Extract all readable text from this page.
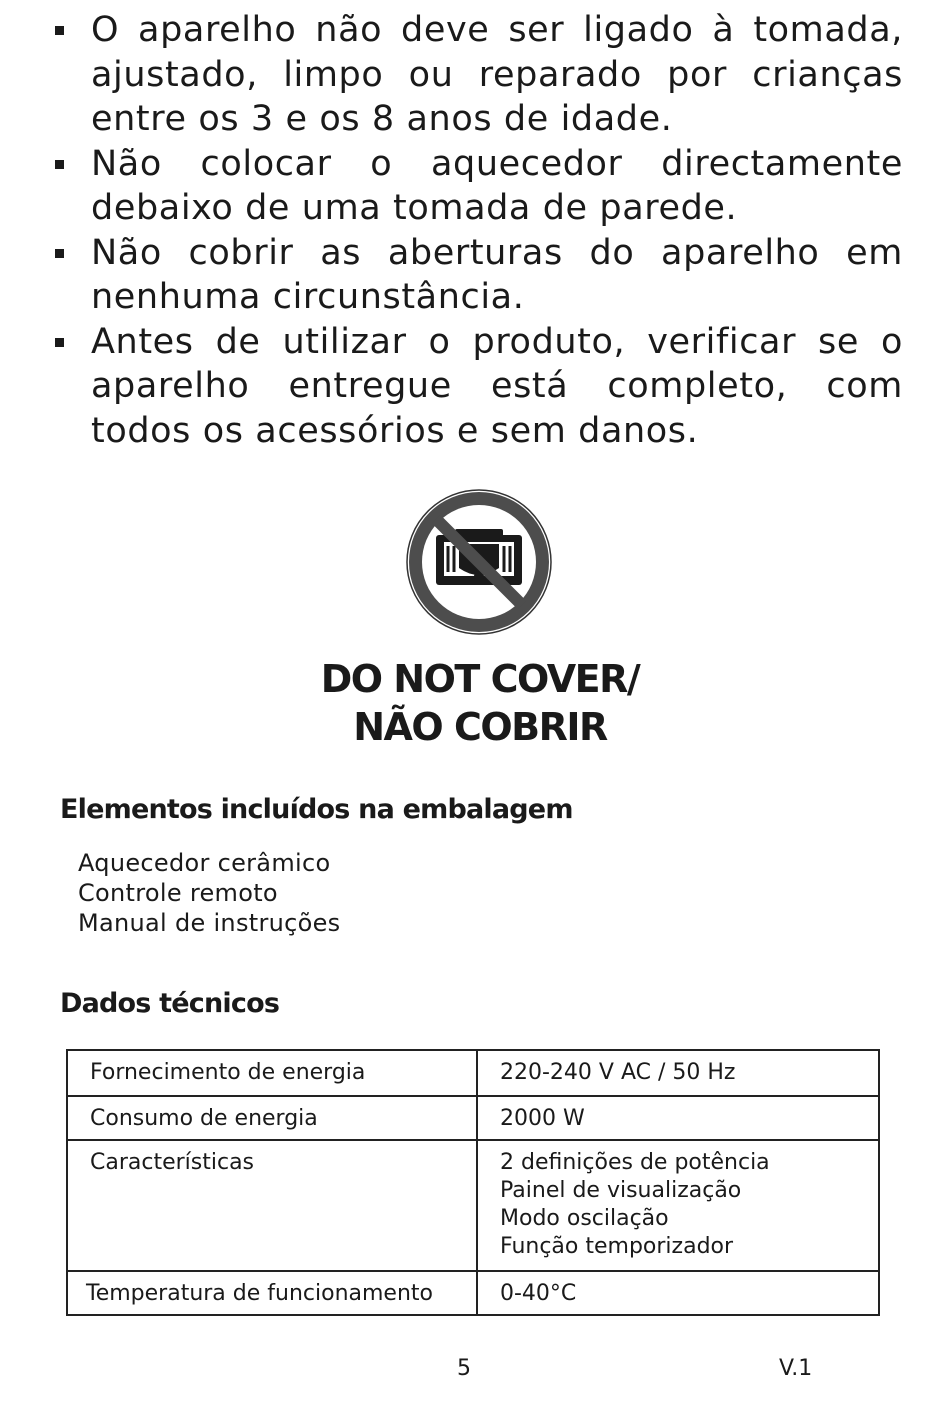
O aparelho não deve ser ligado à tomada, ajustado, limpo ou reparado por crianças entre os 3 e os 8 anos de idade.
Não colocar o aquecedor directamente debaixo de uma tomada de parede.
Não cobrir as aberturas do aparelho em nenhuma circunstância.
Antes de utilizar o produto, verificar se o aparelho entregue está completo, com todos os acessórios e sem danos.
DO NOT COVER/
NÃO COBRIR
Elementos incluídos na embalagem
Aquecedor cerâmico
Controle remoto
Manual de instruções
Dados técnicos
Fornecimento de energia	220-240 V AC / 50 Hz
Consumo de energia	2000 W
Características	2 definições de potência
Painel de visualização
Modo oscilação
Função temporizador
Temperatura de funcionamento	0-40°C
5	V.1
